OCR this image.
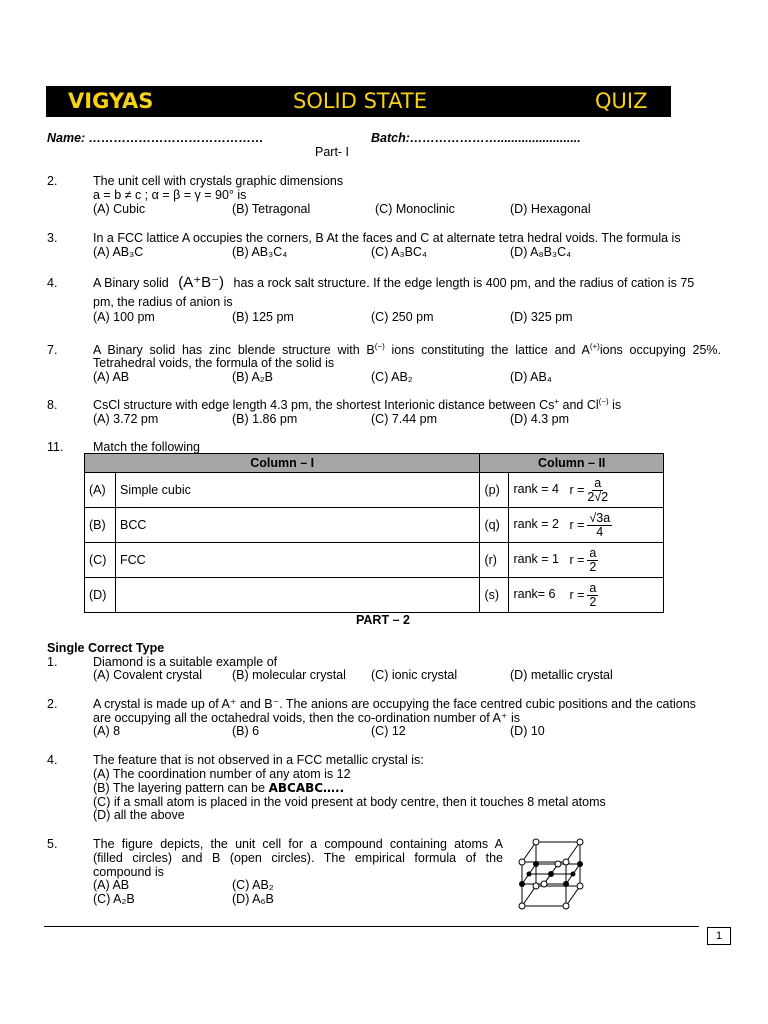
VIGYAS	SOLID STATE	QUIZ
Name: ……………………………………	Batch:…………………........................
Part- I
2.	The unit cell with crystals graphic dimensions
a = b ≠ c ; α = β = γ = 90° is
(A) Cubic	(B) Tetragonal	(C) Monoclinic	(D) Hexagonal
3.	In a FCC lattice A occupies the corners, B At the faces and C at alternate tetra hedral voids. The formula is
(A) AB₃C	(B) AB₃C₄	(C) A₃BC₄	(D) A₈B₃C₄
4.	A Binary solid (A⁺B⁻) has a rock salt structure. If the edge length is 400 pm, and the radius of cation is 75
pm, the radius of anion is
(A) 100 pm	(B) 125 pm	(C) 250 pm	(D) 325 pm
7.	A Binary solid has zinc blende structure with B(−) ions constituting the lattice and A(+)ions occupying 25%.
Tetrahedral voids, the formula of the solid is
(A) AB	(B) A₂B	(C) AB₂	(D) AB₄
8.	CsCl structure with edge length 4.3 pm, the shortest Interionic distance between Cs+ and Cl(−) is
(A) 3.72 pm	(B) 1.86 pm	(C) 7.44 pm	(D) 4.3 pm
11. Match the following
Column – I		Column – II	
(A)	Simple cubic	(p)	rank = 4 $r = \frac{a}{2√2}$

(B)	BCC	(q)	rank = 2 $r = \frac{√3a}{4}$

(C)	FCC	(r)	rank = 1 $r = \frac{a}{2}$

(D)		(s)	rank= 6 $r = \frac{a}{2}$
PART – 2
Single Correct Type
1.	Diamond is a suitable example of
(A) Covalent crystal (B) molecular crystal (C) ionic crystal	(D) metallic crystal
2.	A crystal is made up of A⁺ and B⁻. The anions are occupying the face centred cubic positions and the cations
are occupying all the octahedral voids, then the co-ordination number of A⁺ is
(A) 8	(B) 6	(C) 12	(D) 10
4.	The feature that is not observed in a FCC metallic crystal is:
(A) The coordination number of any atom is 12
(B) The layering pattern can be ABCABC…..
(C) if a small atom is placed in the void present at body centre, then it touches 8 metal atoms
(D) all the above
5.	The figure depicts, the unit cell for a compound containing atoms A
(filled circles) and B (open circles). The empirical formula of the
compound is
(A) AB	(C) AB₂
(C) A₂B	(D) A₆B
1
